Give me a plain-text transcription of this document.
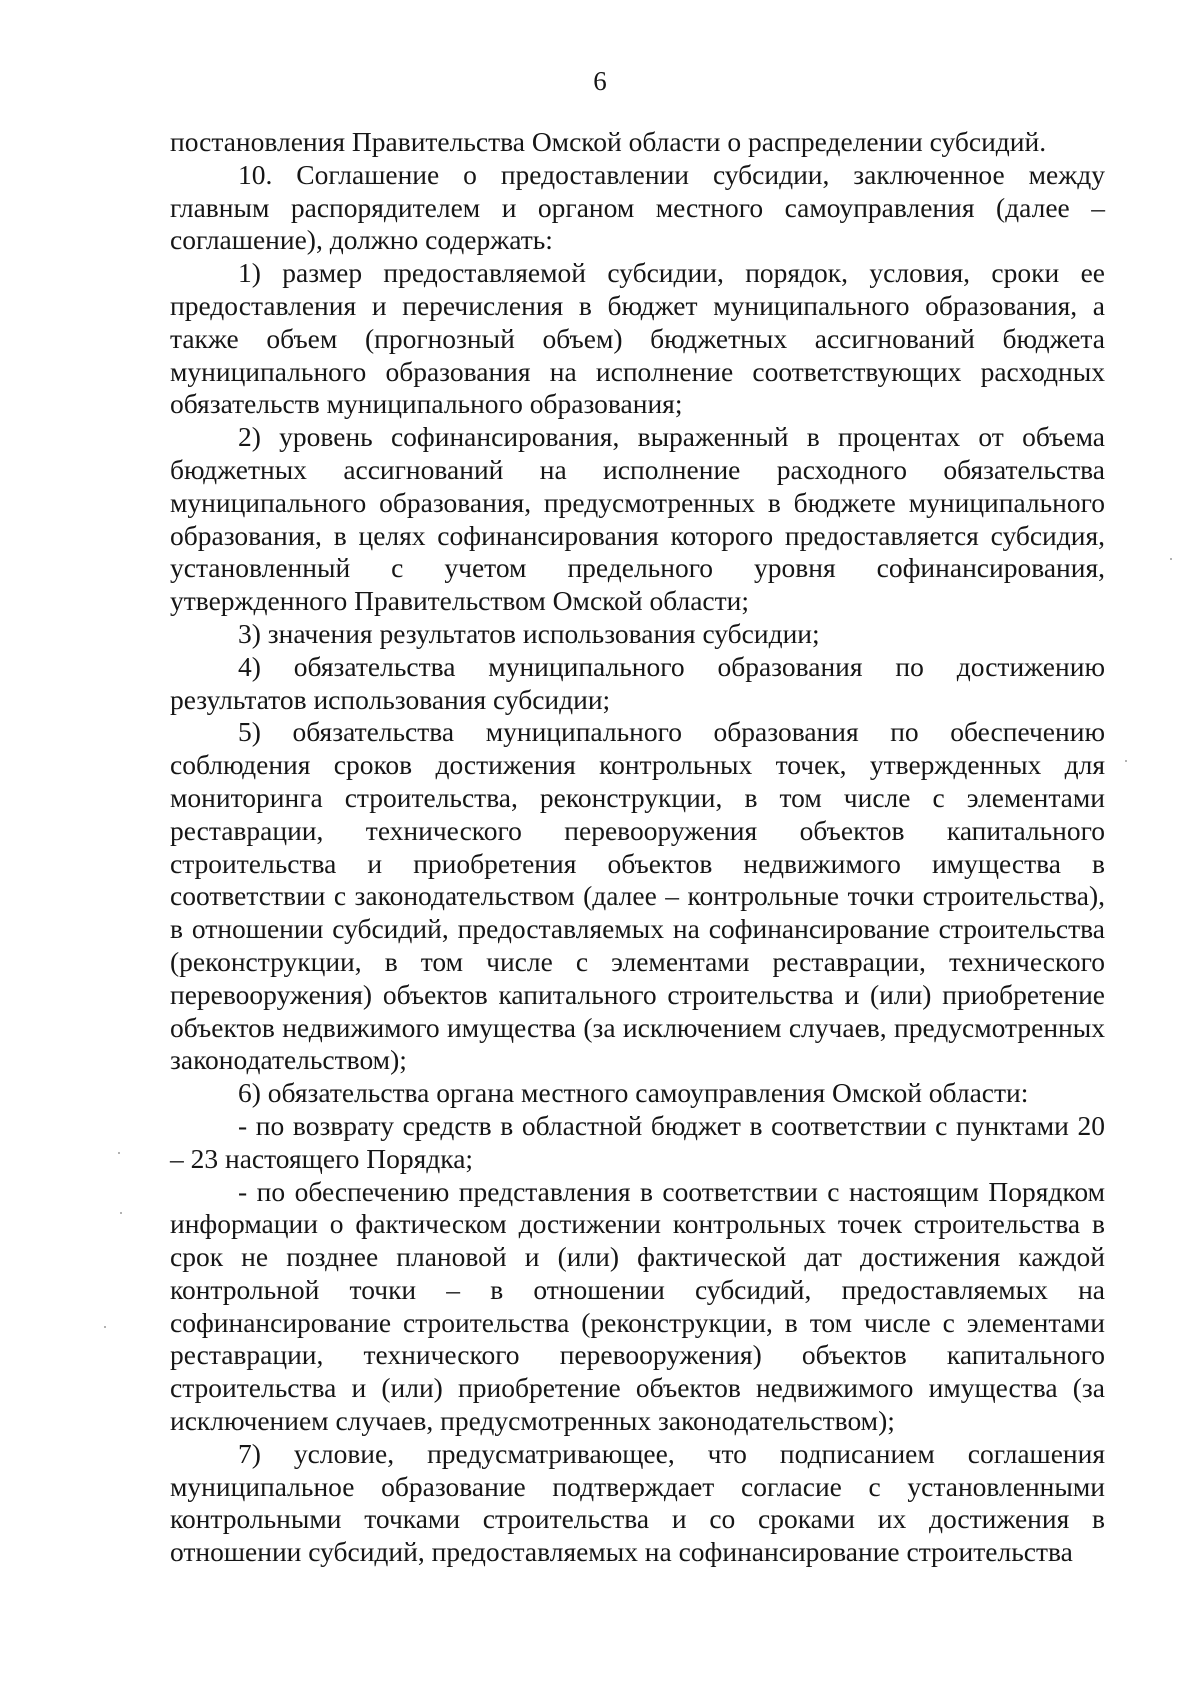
6

постановления Правительства Омской области о распределении субсидий.

10. Соглашение о предоставлении субсидии, заключенное между главным распорядителем и органом местного самоуправления (далее – соглашение), должно содержать:

1) размер предоставляемой субсидии, порядок, условия, сроки ее предоставления и перечисления в бюджет муниципального образования, а также объем (прогнозный объем) бюджетных ассигнований бюджета муниципального образования на исполнение соответствующих расходных обязательств муниципального образования;

2) уровень софинансирования, выраженный в процентах от объема бюджетных ассигнований на исполнение расходного обязательства муниципального образования, предусмотренных в бюджете муниципального образования, в целях софинансирования которого предоставляется субсидия, установленный с учетом предельного уровня софинансирования, утвержденного Правительством Омской области;

3) значения результатов использования субсидии;

4) обязательства муниципального образования по достижению результатов использования субсидии;

5) обязательства муниципального образования по обеспечению соблюдения сроков достижения контрольных точек, утвержденных для мониторинга строительства, реконструкции, в том числе с элементами реставрации, технического перевооружения объектов капитального строительства и приобретения объектов недвижимого имущества в соответствии с законодательством (далее – контрольные точки строительства), в отношении субсидий, предоставляемых на софинансирование строительства (реконструкции, в том числе с элементами реставрации, технического перевооружения) объектов капитального строительства и (или) приобретение объектов недвижимого имущества (за исключением случаев, предусмотренных законодательством);

6) обязательства органа местного самоуправления Омской области:

- по возврату средств в областной бюджет в соответствии с пунктами 20 – 23 настоящего Порядка;

- по обеспечению представления в соответствии с настоящим Порядком информации о фактическом достижении контрольных точек строительства в срок не позднее плановой и (или) фактической дат достижения каждой контрольной точки – в отношении субсидий, предоставляемых на софинансирование строительства (реконструкции, в том числе с элементами реставрации, технического перевооружения) объектов капитального строительства и (или) приобретение объектов недвижимого имущества (за исключением случаев, предусмотренных законодательством);

7) условие, предусматривающее, что подписанием соглашения муниципальное образование подтверждает согласие с установленными контрольными точками строительства и со сроками их достижения в отношении субсидий, предоставляемых на софинансирование строительства
